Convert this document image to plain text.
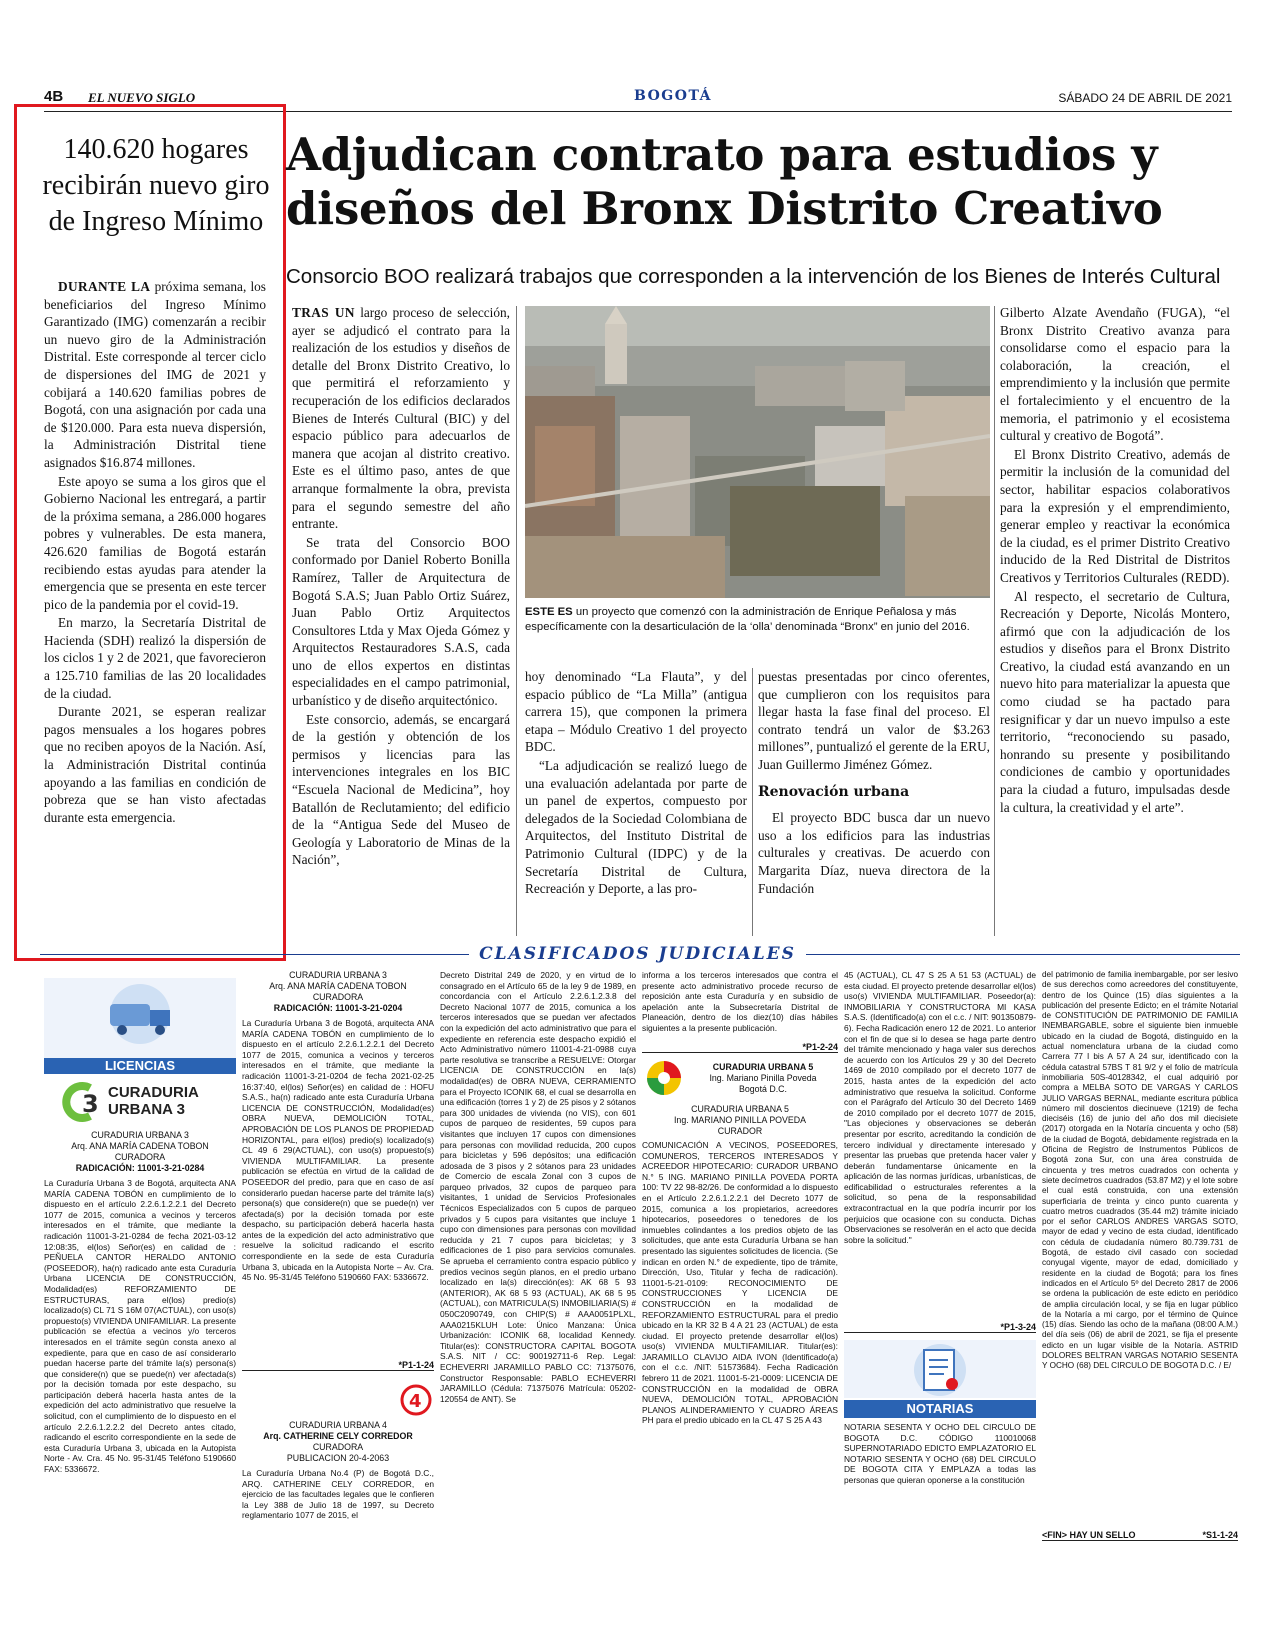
4B EL NUEVO SIGLO	BOGOTÁ	SÁBADO 24 DE ABRIL DE 2021
140.620 hogares recibirán nuevo giro de Ingreso Mínimo

DURANTE LA próxima semana, los beneficiarios del Ingreso Mínimo Garantizado (IMG) comenzarán a recibir un nuevo giro de la Administración Distrital. Este corresponde al tercer ciclo de dispersiones del IMG de 2021 y cobijará a 140.620 familias pobres de Bogotá, con una asignación por cada una de $120.000. Para esta nueva dispersión, la Administración Distrital tiene asignados $16.874 millones.

Este apoyo se suma a los giros que el Gobierno Nacional les entregará, a partir de la próxima semana, a 286.000 hogares pobres y vulnerables. De esta manera, 426.620 familias de Bogotá estarán recibiendo estas ayudas para atender la emergencia que se presenta en este tercer pico de la pandemia por el covid-19.

En marzo, la Secretaría Distrital de Hacienda (SDH) realizó la dispersión de los ciclos 1 y 2 de 2021, que favorecieron a 125.710 familias de las 20 localidades de la ciudad.

Durante 2021, se esperan realizar pagos mensuales a los hogares pobres que no reciben apoyos de la Nación. Así, la Administración Distrital continúa apoyando a las familias en condición de pobreza que se han visto afectadas durante esta emergencia.

Adjudican contrato para estudios y diseños del Bronx Distrito Creativo
Consorcio BOO realizará trabajos que corresponden a la intervención de los Bienes de Interés Cultural

TRAS UN largo proceso de selección, ayer se adjudicó el contrato para la realización de los estudios y diseños de detalle del Bronx Distrito Creativo, lo que permitirá el reforzamiento y recuperación de los edificios declarados Bienes de Interés Cultural (BIC) y del espacio público para adecuarlos de manera que acojan al distrito creativo. Este es el último paso, antes de que arranque formalmente la obra, prevista para el segundo semestre del año entrante.

Se trata del Consorcio BOO conformado por Daniel Roberto Bonilla Ramírez, Taller de Arquitectura de Bogotá S.A.S; Juan Pablo Ortiz Suárez, Juan Pablo Ortiz Arquitectos Consultores Ltda y Max Ojeda Gómez y Arquitectos Restauradores S.A.S, cada uno de ellos expertos en distintas especialidades en el campo patrimonial, urbanístico y de diseño arquitectónico.

Este consorcio, además, se encargará de la gestión y obtención de los permisos y licencias para las intervenciones integrales en los BIC “Escuela Nacional de Medicina”, hoy Batallón de Reclutamiento; del edificio de la “Antigua Sede del Museo de Geología y Laboratorio de Minas de la Nación”,

ESTE ES un proyecto que comenzó con la administración de Enrique Peñalosa y más específicamente con la desarticulación de la ‘olla’ denominada “Bronx” en junio del 2016.

hoy denominado “La Flauta”, y del espacio público de “La Milla” (antigua carrera 15), que componen la primera etapa – Módulo Creativo 1 del proyecto BDC.

“La adjudicación se realizó luego de una evaluación adelantada por parte de un panel de expertos, compuesto por delegados de la Sociedad Colombiana de Arquitectos, del Instituto Distrital de Patrimonio Cultural (IDPC) y de la Secretaría Distrital de Cultura, Recreación y Deporte, a las pro-

puestas presentadas por cinco oferentes, que cumplieron con los requisitos para llegar hasta la fase final del proceso. El contrato tendrá un valor de $3.263 millones”, puntualizó el gerente de la ERU, Juan Guillermo Jiménez Gómez.

Renovación urbana

El proyecto BDC busca dar un nuevo uso a los edificios para las industrias culturales y creativas. De acuerdo con Margarita Díaz, nueva directora de la Fundación

Gilberto Alzate Avendaño (FUGA), “el Bronx Distrito Creativo avanza para consolidarse como el espacio para la colaboración, la creación, el emprendimiento y la inclusión que permite el fortalecimiento y el encuentro de la memoria, el patrimonio y el ecosistema cultural y creativo de Bogotá”.

El Bronx Distrito Creativo, además de permitir la inclusión de la comunidad del sector, habilitar espacios colaborativos para la expresión y el emprendimiento, generar empleo y reactivar la económica de la ciudad, es el primer Distrito Creativo inducido de la Red Distrital de Distritos Creativos y Territorios Culturales (REDD).

Al respecto, el secretario de Cultura, Recreación y Deporte, Nicolás Montero, afirmó que con la adjudicación de los estudios y diseños para el Bronx Distrito Creativo, la ciudad está avanzando en un nuevo hito para materializar la apuesta que como ciudad se ha pactado para resignificar y dar un nuevo impulso a este territorio, “reconociendo su pasado, honrando su presente y posibilitando condiciones de cambio y oportunidades para la ciudad a futuro, impulsadas desde la cultura, la creatividad y el arte”.

CLASIFICADOS JUDICIALES
LICENCIAS
3 CURADURIA URBANA 3
CURADURIA URBANA 3
Arq. ANA MARÍA CADENA TOBON
CURADORA
RADICACIÓN: 11001-3-21-0284
La Curaduría Urbana 3 de Bogotá, arquitecta ANA MARÍA CADENA TOBÓN en cumplimiento de lo dispuesto en el artículo 2.2.6.1.2.2.1 del Decreto 1077 de 2015, comunica a vecinos y terceros interesados en el trámite, que mediante la radicación 11001-3-21-0284 de fecha 2021-03-12 12:08:35, el(los) Señor(es) en calidad de : PEÑUELA CANTOR HERALDO ANTONIO (POSEEDOR), ha(n) radicado ante esta Curaduría Urbana LICENCIA DE CONSTRUCCIÓN, Modalidad(es) REFORZAMIENTO DE ESTRUCTURAS, para el(los) predio(s) localizado(s) CL 71 S 16M 07(ACTUAL), con uso(s) propuesto(s) VIVIENDA UNIFAMILIAR. La presente publicación se efectúa a vecinos y/o terceros interesados en el trámite según consta anexo al expediente, para que en caso de así considerarlo puedan hacerse parte del trámite la(s) persona(s) que considere(n) que se puede(n) ver afectada(s) por la decisión tomada por este despacho, su participación deberá hacerla hasta antes de la expedición del acto administrativo que resuelve la solicitud, con el cumplimiento de lo dispuesto en el artículo 2.2.6.1.2.2.2 del Decreto antes citado, radicando el escrito correspondiente en la sede de esta Curaduría Urbana 3, ubicada en la Autopista Norte - Av. Cra. 45 No. 95-31/45 Teléfono 5190660 FAX: 5336672.
CURADURIA URBANA 3
Arq. ANA MARÍA CADENA TOBON
CURADORA
RADICACIÓN: 11001-3-21-0204
La Curaduría Urbana 3 de Bogotá, arquitecta ANA MARÍA CADENA TOBÓN en cumplimiento de lo dispuesto en el artículo 2.2.6.1.2.2.1 del Decreto 1077 de 2015, comunica a vecinos y terceros interesados en el trámite, que mediante la radicación 11001-3-21-0204 de fecha 2021-02-25 16:37:40, el(los) Señor(es) en calidad de : HOFU S.A.S., ha(n) radicado ante esta Curaduría Urbana LICENCIA DE CONSTRUCCIÓN, Modalidad(es) OBRA NUEVA, DEMOLICIÓN TOTAL, APROBACIÓN DE LOS PLANOS DE PROPIEDAD HORIZONTAL, para el(los) predio(s) localizado(s) CL 49 6 29(ACTUAL), con uso(s) propuesto(s) VIVIENDA MULTIFAMILIAR. La presente publicación se efectúa en virtud de la calidad de POSEEDOR del predio, para que en caso de así considerarlo puedan hacerse parte del trámite la(s) persona(s) que considere(n) que se puede(n) ver afectada(s) por la decisión tomada por este despacho, su participación deberá hacerla hasta antes de la expedición del acto administrativo que resuelve la solicitud radicando el escrito correspondiente en la sede de esta Curaduría Urbana 3, ubicada en la Autopista Norte – Av. Cra. 45 No. 95-31/45 Teléfono 5190660 FAX: 5336672.
*P1-1-24
4
CURADURIA URBANA 4
Arq. CATHERINE CELY CORREDOR
CURADORA
PUBLICACION 20-4-2063
La Curaduría Urbana No.4 (P) de Bogotá D.C., ARQ. CATHERINE CELY CORREDOR, en ejercicio de las facultades legales que le confieren la Ley 388 de Julio 18 de 1997, su Decreto reglamentario 1077 de 2015, el
Decreto Distrital 249 de 2020, y en virtud de lo consagrado en el Artículo 65 de la ley 9 de 1989, en concordancia con el Artículo 2.2.6.1.2.3.8 del Decreto Nacional 1077 de 2015, comunica a los terceros interesados que se puedan ver afectados con la expedición del acto administrativo que para el expediente en referencia este despacho expidió el Acto Administrativo número 11001-4-21-0988 cuya parte resolutiva se transcribe a RESUELVE: Otorgar LICENCIA DE CONSTRUCCIÓN en la(s) modalidad(es) de OBRA NUEVA, CERRAMIENTO para el Proyecto ICONIK 68, el cual se desarrolla en una edificación (torres 1 y 2) de 25 pisos y 2 sótanos para 300 unidades de vivienda (no VIS), con 601 cupos de parqueo de residentes, 59 cupos para visitantes que incluyen 17 cupos con dimensiones para personas con movilidad reducida, 200 cupos para bicicletas y 596 depósitos; una edificación adosada de 3 pisos y 2 sótanos para 23 unidades de Comercio de escala Zonal con 3 cupos de parqueo privados, 32 cupos de parqueo para visitantes, 1 unidad de Servicios Profesionales Técnicos Especializados con 5 cupos de parqueo privados y 5 cupos para visitantes que incluye 1 cupo con dimensiones para personas con movilidad reducida y 21 7 cupos para bicicletas; y 3 edificaciones de 1 piso para servicios comunales. Se aprueba el cerramiento contra espacio público y predios vecinos según planos, en el predio urbano localizado en la(s) dirección(es): AK 68 5 93 (ANTERIOR), AK 68 5 93 (ACTUAL), AK 68 5 95 (ACTUAL), con MATRICULA(S) INMOBILIARIA(S) # 050C2090749, con CHIP(S) # AAA0051PLXL, AAA0215KLUH Lote: Único Manzana: Única Urbanización: ICONIK 68, localidad Kennedy. Titular(es): CONSTRUCTORA CAPITAL BOGOTA S.A.S. NIT / CC: 900192711-6 Rep. Legal: ECHEVERRI JARAMILLO PABLO CC: 71375076, Constructor Responsable: PABLO ECHEVERRI JARAMILLO (Cédula: 71375076 Matrícula: 05202-120554 de ANT). Se
informa a los terceros interesados que contra el presente acto administrativo procede recurso de reposición ante esta Curaduría y en subsidio de apelación ante la Subsecretaría Distrital de Planeación, dentro de los diez(10) días hábiles siguientes a la presente publicación.
*P1-2-24
CURADURIA URBANA 5
Ing. Mariano Pinilla Poveda
Bogotá D.C.
CURADURIA URBANA 5
Ing. MARIANO PINILLA POVEDA
CURADOR
COMUNICACIÓN A VECINOS, POSEEDORES, COMUNEROS, TERCEROS INTERESADOS Y ACREEDOR HIPOTECARIO: CURADOR URBANO N.° 5 ING. MARIANO PINILLA POVEDA PORTA 100: TV 22 98-82/26. De conformidad a lo dispuesto en el Artículo 2.2.6.1.2.2.1 del Decreto 1077 de 2015, comunica a los propietarios, acreedores hipotecarios, poseedores o tenedores de los inmuebles colindantes a los predios objeto de las solicitudes, que ante esta Curaduría Urbana se han presentado las siguientes solicitudes de licencia. (Se indican en orden N.° de expediente, tipo de trámite, Dirección, Uso, Titular y fecha de radicación). 11001-5-21-0109: RECONOCIMIENTO DE CONSTRUCCIONES Y LICENCIA DE CONSTRUCCIÓN en la modalidad de REFORZAMIENTO ESTRUCTURAL para el predio ubicado en la KR 32 B 4 A 21 23 (ACTUAL) de esta ciudad. El proyecto pretende desarrollar el(los) uso(s) VIVIENDA MULTIFAMILIAR. Titular(es): JARAMILLO CLAVIJO AIDA IVON (Identificado(a) con el c.c. /NIT: 51573684). Fecha Radicación febrero 11 de 2021. 11001-5-21-0009: LICENCIA DE CONSTRUCCIÓN en la modalidad de OBRA NUEVA, DEMOLICIÓN TOTAL, APROBACIÓN PLANOS ALINDERAMIENTO Y CUADRO ÁREAS PH para el predio ubicado en la CL 47 S 25 A 43
45 (ACTUAL), CL 47 S 25 A 51 53 (ACTUAL) de esta ciudad. El proyecto pretende desarrollar el(los) uso(s) VIVIENDA MULTIFAMILIAR. Poseedor(a): INMOBILIARIA Y CONSTRUCTORA MI KASA S.A.S. (Identificado(a) con el c.c. / NIT: 901350879-6). Fecha Radicación enero 12 de 2021. Lo anterior con el fin de que si lo desea se haga parte dentro del trámite mencionado y haga valer sus derechos de acuerdo con los Artículos 29 y 30 del Decreto 1469 de 2010 compilado por el decreto 1077 de 2015, hasta antes de la expedición del acto administrativo que resuelva la solicitud. Conforme con el Parágrafo del Artículo 30 del Decreto 1469 de 2010 compilado por el decreto 1077 de 2015, "Las objeciones y observaciones se deberán presentar por escrito, acreditando la condición de tercero individual y directamente interesado y presentar las pruebas que pretenda hacer valer y deberán fundamentarse únicamente en la aplicación de las normas jurídicas, urbanísticas, de edificabilidad o estructurales referentes a la solicitud, so pena de la responsabilidad extracontractual en la que podría incurrir por los perjuicios que ocasione con su conducta. Dichas Observaciones se resolverán en el acto que decida sobre la solicitud."
*P1-3-24
NOTARIAS
NOTARIA SESENTA Y OCHO DEL CIRCULO DE BOGOTA D.C. CÓDIGO 110010068 SUPERNOTARIADO EDICTO EMPLAZATORIO EL NOTARIO SESENTA Y OCHO (68) DEL CIRCULO DE BOGOTA CITA Y EMPLAZA a todas las personas que quieran oponerse a la constitución
del patrimonio de familia inembargable, por ser lesivo de sus derechos como acreedores del constituyente, dentro de los Quince (15) días siguientes a la publicación del presente Edicto; en el trámite Notarial de CONSTITUCIÓN DE PATRIMONIO DE FAMILIA INEMBARGABLE, sobre el siguiente bien inmueble ubicado en la ciudad de Bogotá, distinguido en la actual nomenclatura urbana de la ciudad como Carrera 77 I bis A 57 A 24 sur, identificado con la cédula catastral 57BS T 81 9/2 y el folio de matrícula inmobiliaria 50S-40128342, el cual adquirió por compra a MELBA SOTO DE VARGAS Y CARLOS JULIO VARGAS BERNAL, mediante escritura pública número mil doscientos diecinueve (1219) de fecha dieciséis (16) de junio del año dos mil diecisiete (2017) otorgada en la Notaría cincuenta y ocho (58) de la ciudad de Bogotá, debidamente registrada en la Oficina de Registro de Instrumentos Públicos de Bogotá zona Sur, con una área construida de cincuenta y tres metros cuadrados con ochenta y siete decímetros cuadrados (53.87 M2) y el lote sobre el cual está construida, con una extensión superficiaria de treinta y cinco punto cuarenta y cuatro metros cuadrados (35.44 m2) trámite iniciado por el señor CARLOS ANDRES VARGAS SOTO, mayor de edad y vecino de esta ciudad, identificado con cédula de ciudadanía número 80.739.731 de Bogotá, de estado civil casado con sociedad conyugal vigente, mayor de edad, domiciliado y residente en la ciudad de Bogotá; para los fines indicados en el Artículo 5º del Decreto 2817 de 2006 se ordena la publicación de este edicto en periódico de amplia circulación local, y se fija en lugar público de la Notaría a mi cargo, por el término de Quince (15) días. Siendo las ocho de la mañana (08:00 A.M.) del día seis (06) de abril de 2021, se fija el presente edicto en un lugar visible de la Notaría. ASTRID DOLORES BELTRAN VARGAS NOTARIO SESENTA Y OCHO (68) DEL CIRCULO DE BOGOTA D.C. / E/
<FIN> HAY UN SELLO	*S1-1-24
